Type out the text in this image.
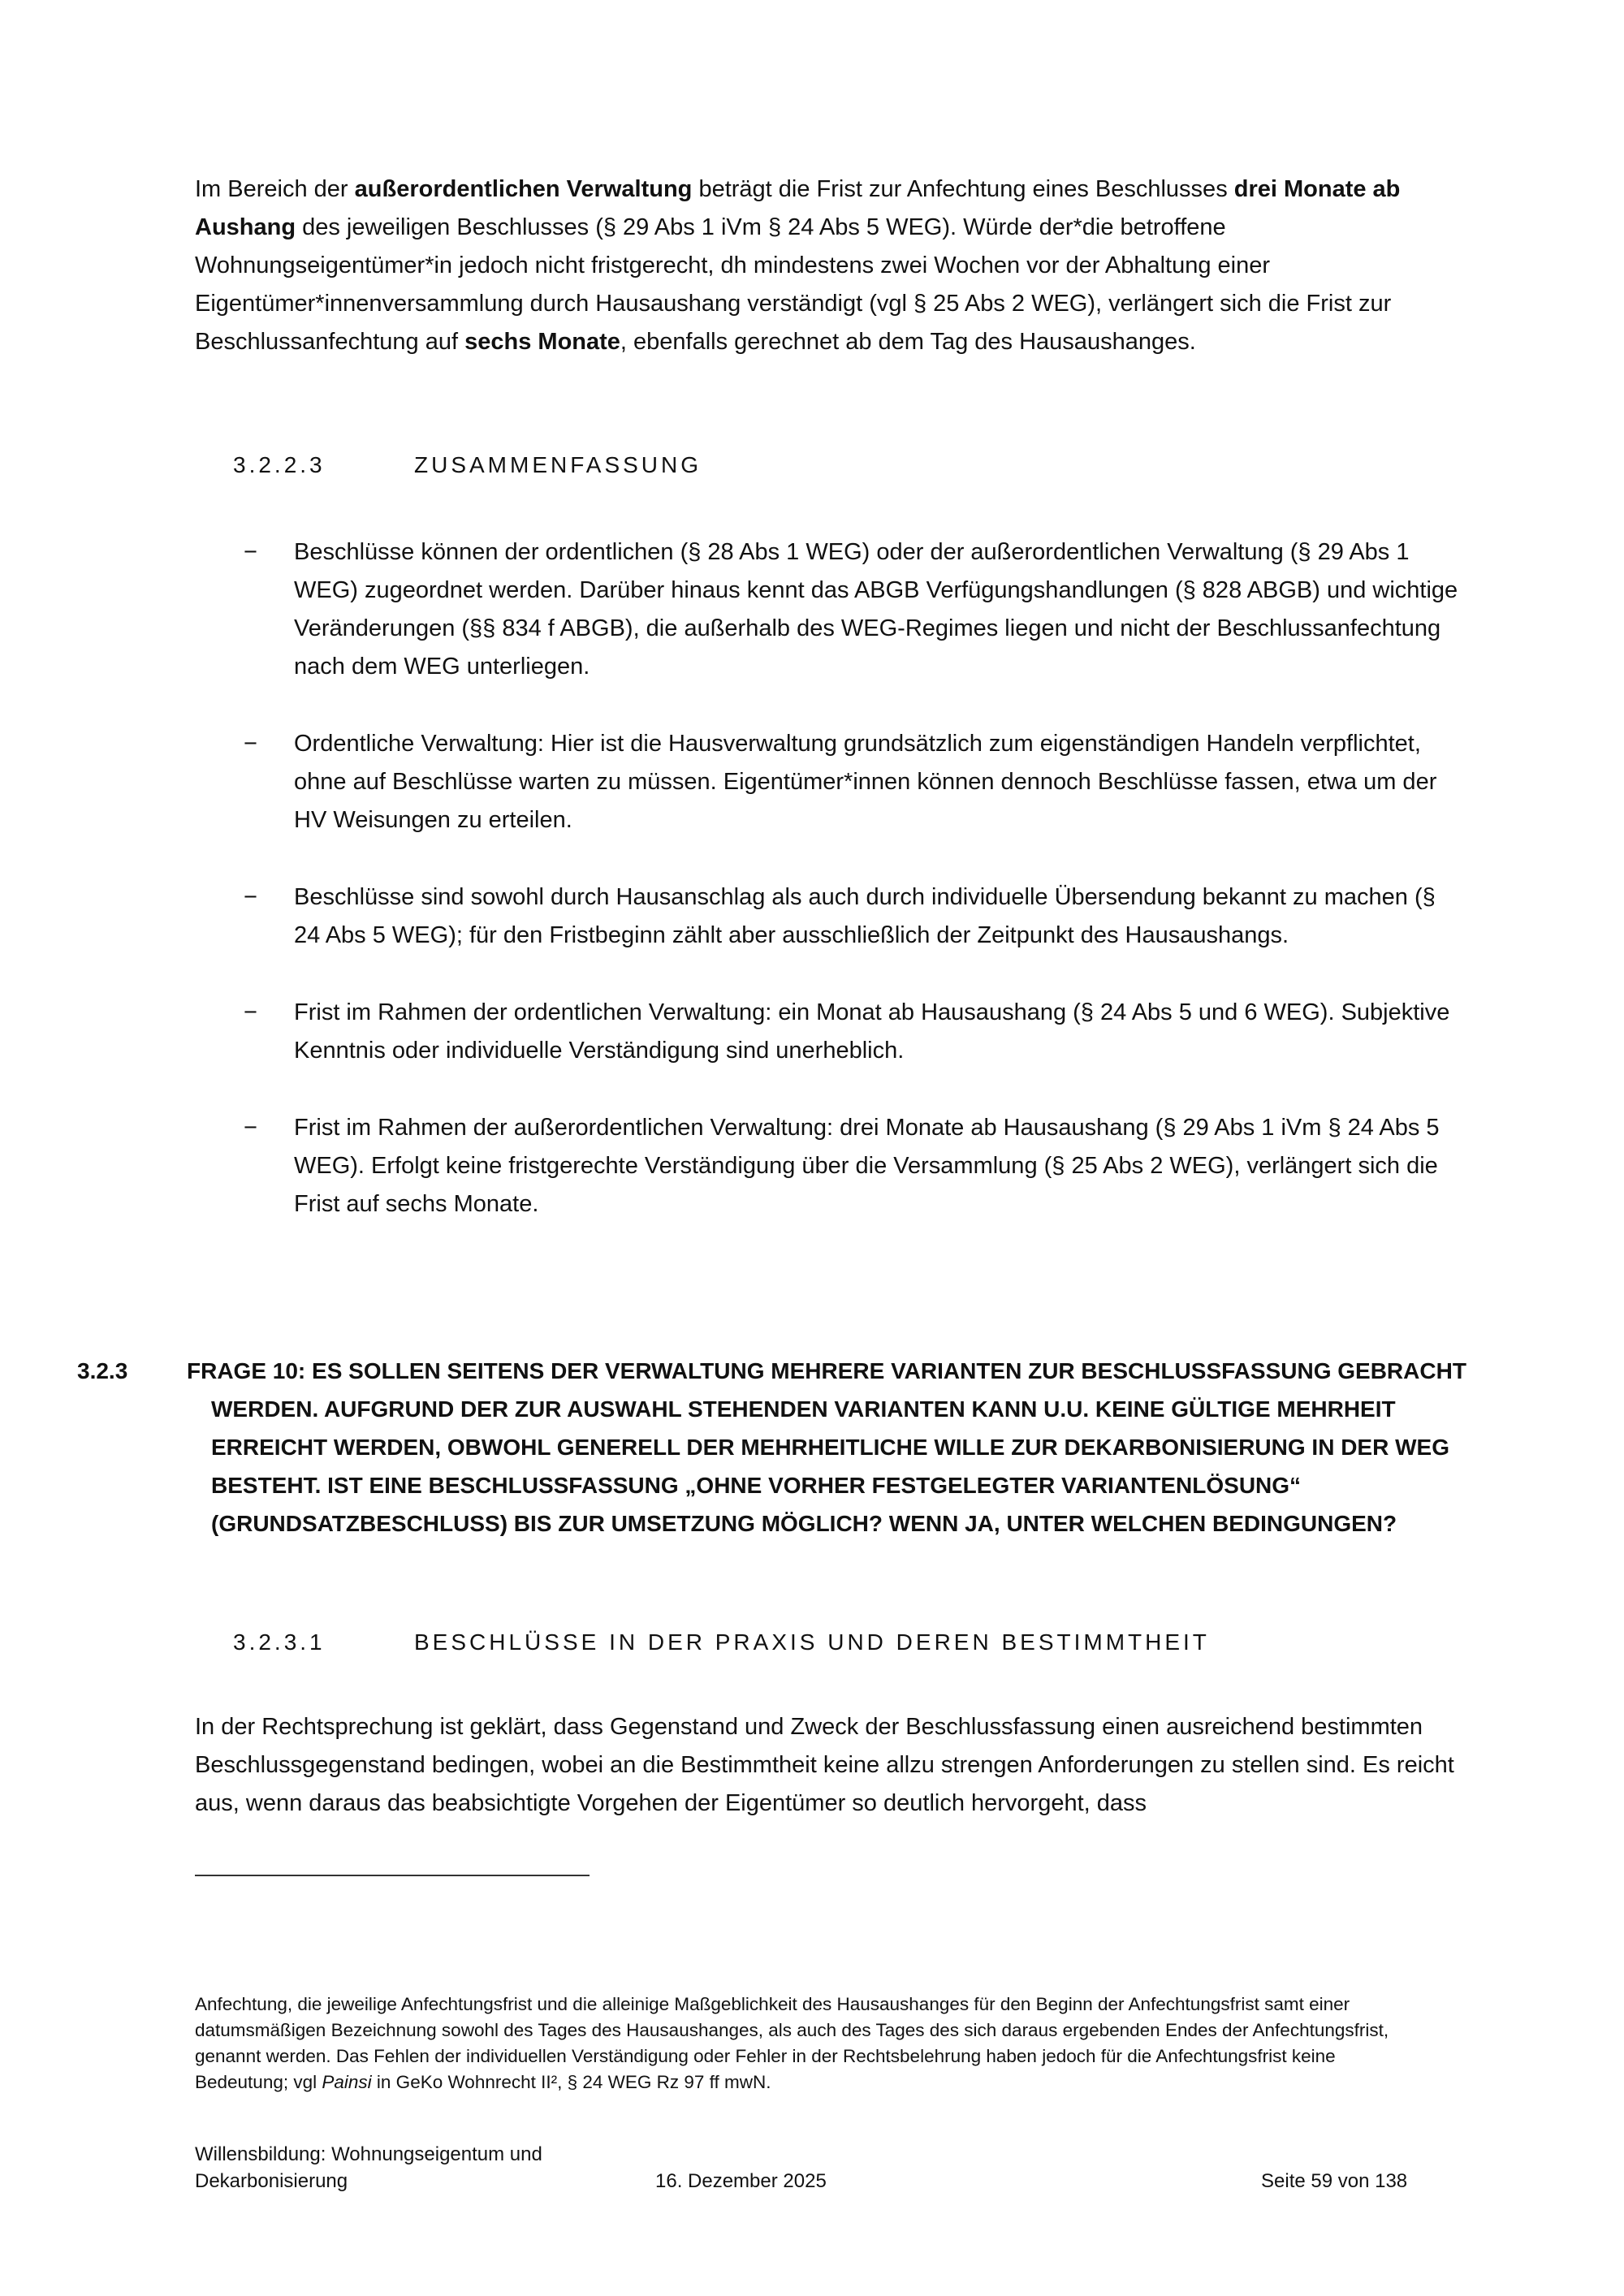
Im Bereich der außerordentlichen Verwaltung beträgt die Frist zur Anfechtung eines Beschlusses drei Monate ab Aushang des jeweiligen Beschlusses (§ 29 Abs 1 iVm § 24 Abs 5 WEG). Würde der*die betroffene Wohnungseigentümer*in jedoch nicht fristgerecht, dh mindestens zwei Wochen vor der Abhaltung einer Eigentümer*innenversammlung durch Hausaushang verständigt (vgl § 25 Abs 2 WEG), verlängert sich die Frist zur Beschlussanfechtung auf sechs Monate, ebenfalls gerechnet ab dem Tag des Hausaushanges.

3.2.2.3	ZUSAMMENFASSUNG

− Beschlüsse können der ordentlichen (§ 28 Abs 1 WEG) oder der außerordentlichen Verwaltung (§ 29 Abs 1 WEG) zugeordnet werden. Darüber hinaus kennt das ABGB Verfügungshandlungen (§ 828 ABGB) und wichtige Veränderungen (§§ 834 f ABGB), die außerhalb des WEG-Regimes liegen und nicht der Beschlussanfechtung nach dem WEG unterliegen.
− Ordentliche Verwaltung: Hier ist die Hausverwaltung grundsätzlich zum eigenständigen Handeln verpflichtet, ohne auf Beschlüsse warten zu müssen. Eigentümer*innen können dennoch Beschlüsse fassen, etwa um der HV Weisungen zu erteilen.
− Beschlüsse sind sowohl durch Hausanschlag als auch durch individuelle Übersendung bekannt zu machen (§ 24 Abs 5 WEG); für den Fristbeginn zählt aber ausschließlich der Zeitpunkt des Hausaushangs.
− Frist im Rahmen der ordentlichen Verwaltung: ein Monat ab Hausaushang (§ 24 Abs 5 und 6 WEG). Subjektive Kenntnis oder individuelle Verständigung sind unerheblich.
− Frist im Rahmen der außerordentlichen Verwaltung: drei Monate ab Hausaushang (§ 29 Abs 1 iVm § 24 Abs 5 WEG). Erfolgt keine fristgerechte Verständigung über die Versammlung (§ 25 Abs 2 WEG), verlängert sich die Frist auf sechs Monate.
3.2.3	FRAGE 10: ES SOLLEN SEITENS DER VERWALTUNG MEHRERE VARIANTEN ZUR BESCHLUSSFASSUNG GEBRACHT WERDEN. AUFGRUND DER ZUR AUSWAHL STEHENDEN VARIANTEN KANN U.U. KEINE GÜLTIGE MEHRHEIT ERREICHT WERDEN, OBWOHL GENERELL DER MEHRHEITLICHE WILLE ZUR DEKARBONISIERUNG IN DER WEG BESTEHT. IST EINE BESCHLUSSFASSUNG „OHNE VORHER FESTGELEGTER VARIANTENLÖSUNG“ (GRUNDSATZBESCHLUSS) BIS ZUR UMSETZUNG MÖGLICH? WENN JA, UNTER WELCHEN BEDINGUNGEN?

3.2.3.1	BESCHLÜSSE IN DER PRAXIS UND DEREN BESTIMMTHEIT

In der Rechtsprechung ist geklärt, dass Gegenstand und Zweck der Beschlussfassung einen ausreichend bestimmten Beschlussgegenstand bedingen, wobei an die Bestimmtheit keine allzu strengen Anforderungen zu stellen sind. Es reicht aus, wenn daraus das beabsichtigte Vorgehen der Eigentümer so deutlich hervorgeht, dass

Anfechtung, die jeweilige Anfechtungsfrist und die alleinige Maßgeblichkeit des Hausaushanges für den Beginn der Anfechtungsfrist samt einer datumsmäßigen Bezeichnung sowohl des Tages des Hausaushanges, als auch des Tages des sich daraus ergebenden Endes der Anfechtungsfrist, genannt werden. Das Fehlen der individuellen Verständigung oder Fehler in der Rechtsbelehrung haben jedoch für die Anfechtungsfrist keine Bedeutung; vgl Painsi in GeKo Wohnrecht II², § 24 WEG Rz 97 ff mwN.

Willensbildung: Wohnungseigentum und Dekarbonisierung	16. Dezember 2025	Seite 59 von 138
